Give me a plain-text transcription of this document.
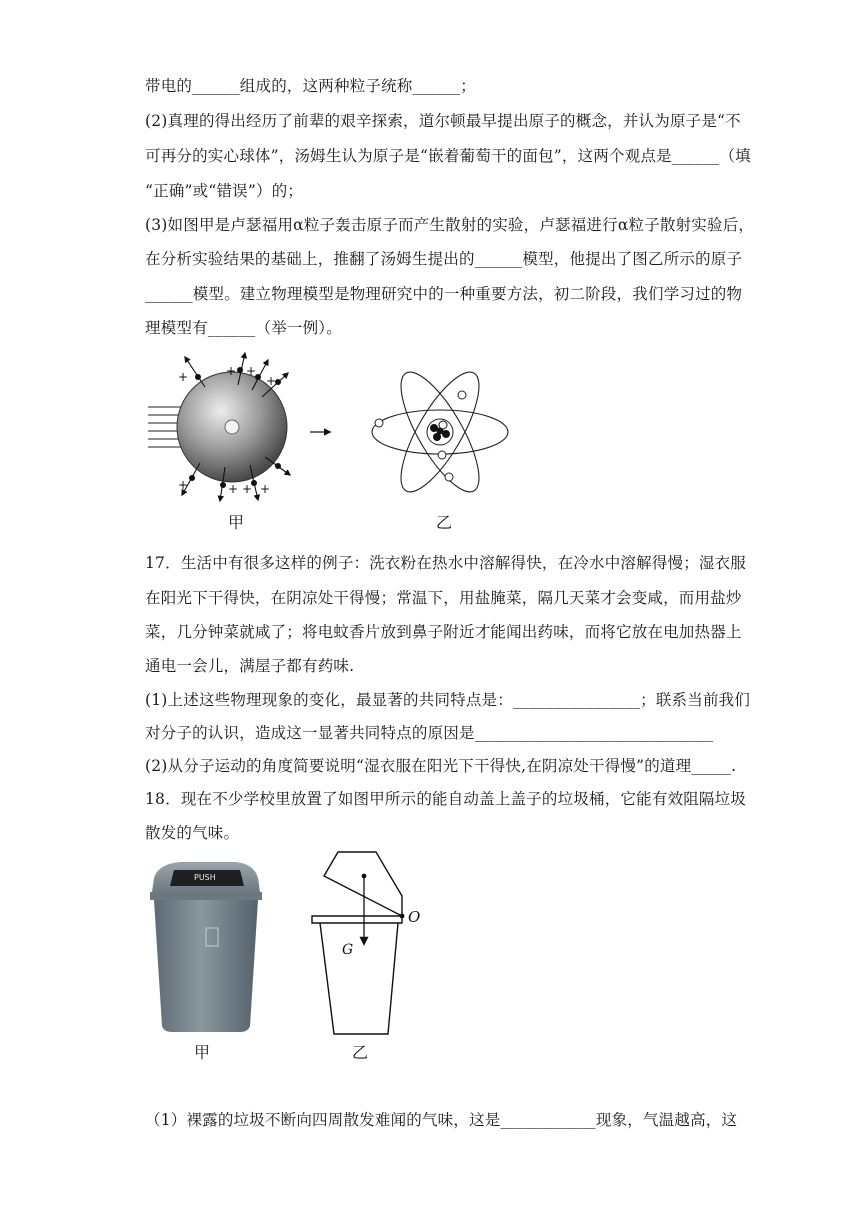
带电的______组成的，这两种粒子统称______；
(2)真理的得出经历了前辈的艰辛探索，道尔顿最早提出原子的概念，并认为原子是“不
可再分的实心球体”，汤姆生认为原子是“嵌着葡萄干的面包”，这两个观点是______（填
“正确”或“错误”）的；
(3)如图甲是卢瑟福用α粒子轰击原子而产生散射的实验，卢瑟福进行α粒子散射实验后，
在分析实验结果的基础上，推翻了汤姆生提出的______模型，他提出了图乙所示的原子
______模型。建立物理模型是物理研究中的一种重要方法，初二阶段，我们学习过的物
理模型有______（举一例）。
+	+ +
+
+	+ + +
甲	乙
17．生活中有很多这样的例子：洗衣粉在热水中溶解得快，在冷水中溶解得慢；湿衣服
在阳光下干得快，在阴凉处干得慢；常温下，用盐腌菜，隔几天菜才会变咸，而用盐炒
菜，几分钟菜就咸了；将电蚊香片放到鼻子附近才能闻出药味，而将它放在电加热器上
通电一会儿，满屋子都有药味.
(1)上述这些物理现象的变化，最显著的共同特点是：________________；联系当前我们
对分子的认识，造成这一显著共同特点的原因是______________________________
(2)从分子运动的角度简要说明“湿衣服在阳光下干得快,在阴凉处干得慢”的道理_____.
18．现在不少学校里放置了如图甲所示的能自动盖上盖子的垃圾桶，它能有效阻隔垃圾
散发的气味。
PUSH
O
G
甲	乙
（1）裸露的垃圾不断向四周散发难闻的气味，这是____________现象，气温越高，这
